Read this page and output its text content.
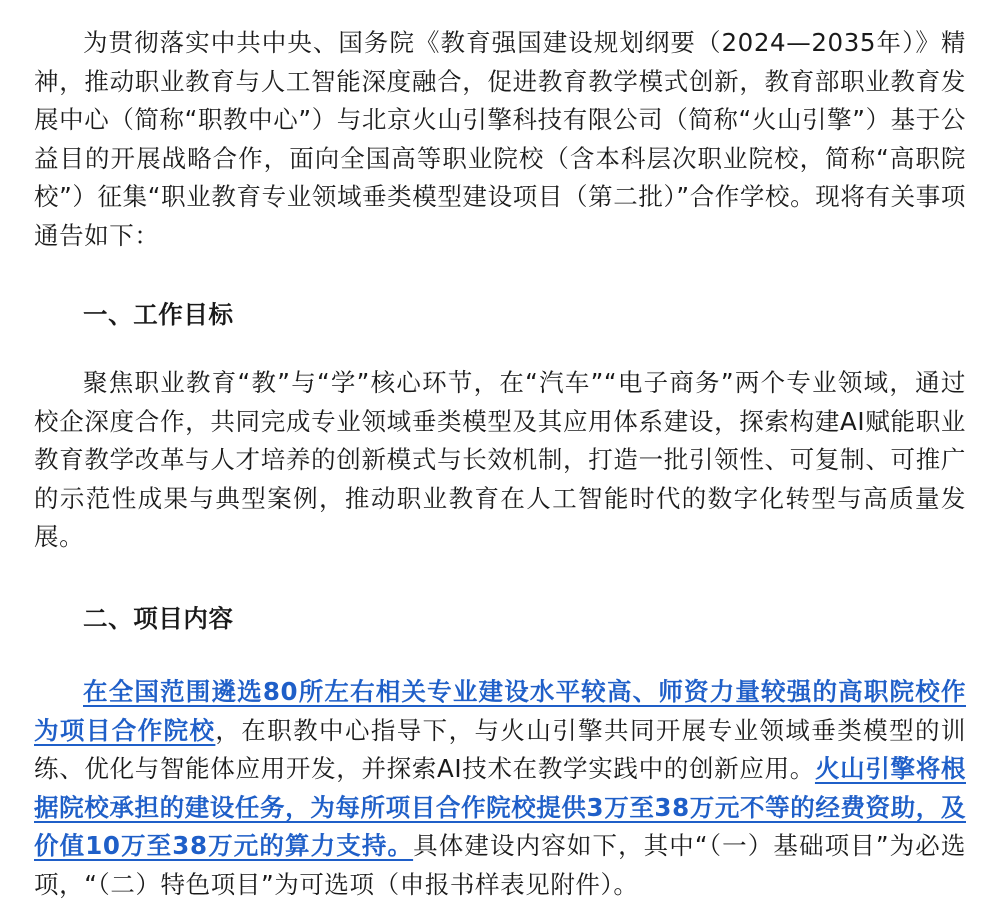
为贯彻落实中共中央、国务院《教育强国建设规划纲要（2024—2035年）》精神，推动职业教育与人工智能深度融合，促进教育教学模式创新，教育部职业教育发展中心（简称“职教中心”）与北京火山引擎科技有限公司（简称“火山引擎”）基于公益目的开展战略合作，面向全国高等职业院校（含本科层次职业院校，简称“高职院校”）征集“职业教育专业领域垂类模型建设项目（第二批）”合作学校。现将有关事项通告如下：

一、工作目标

聚焦职业教育“教”与“学”核心环节，在“汽车”“电子商务”两个专业领域，通过校企深度合作，共同完成专业领域垂类模型及其应用体系建设，探索构建AI赋能职业教育教学改革与人才培养的创新模式与长效机制，打造一批引领性、可复制、可推广的示范性成果与典型案例，推动职业教育在人工智能时代的数字化转型与高质量发展。

二、项目内容

在全国范围遴选80所左右相关专业建设水平较高、师资力量较强的高职院校作为项目合作院校，在职教中心指导下，与火山引擎共同开展专业领域垂类模型的训练、优化与智能体应用开发，并探索AI技术在教学实践中的创新应用。火山引擎将根据院校承担的建设任务，为每所项目合作院校提供3万至38万元不等的经费资助，及价值10万至38万元的算力支持。具体建设内容如下，其中“（一）基础项目”为必选项，“（二）特色项目”为可选项（申报书样表见附件）。
